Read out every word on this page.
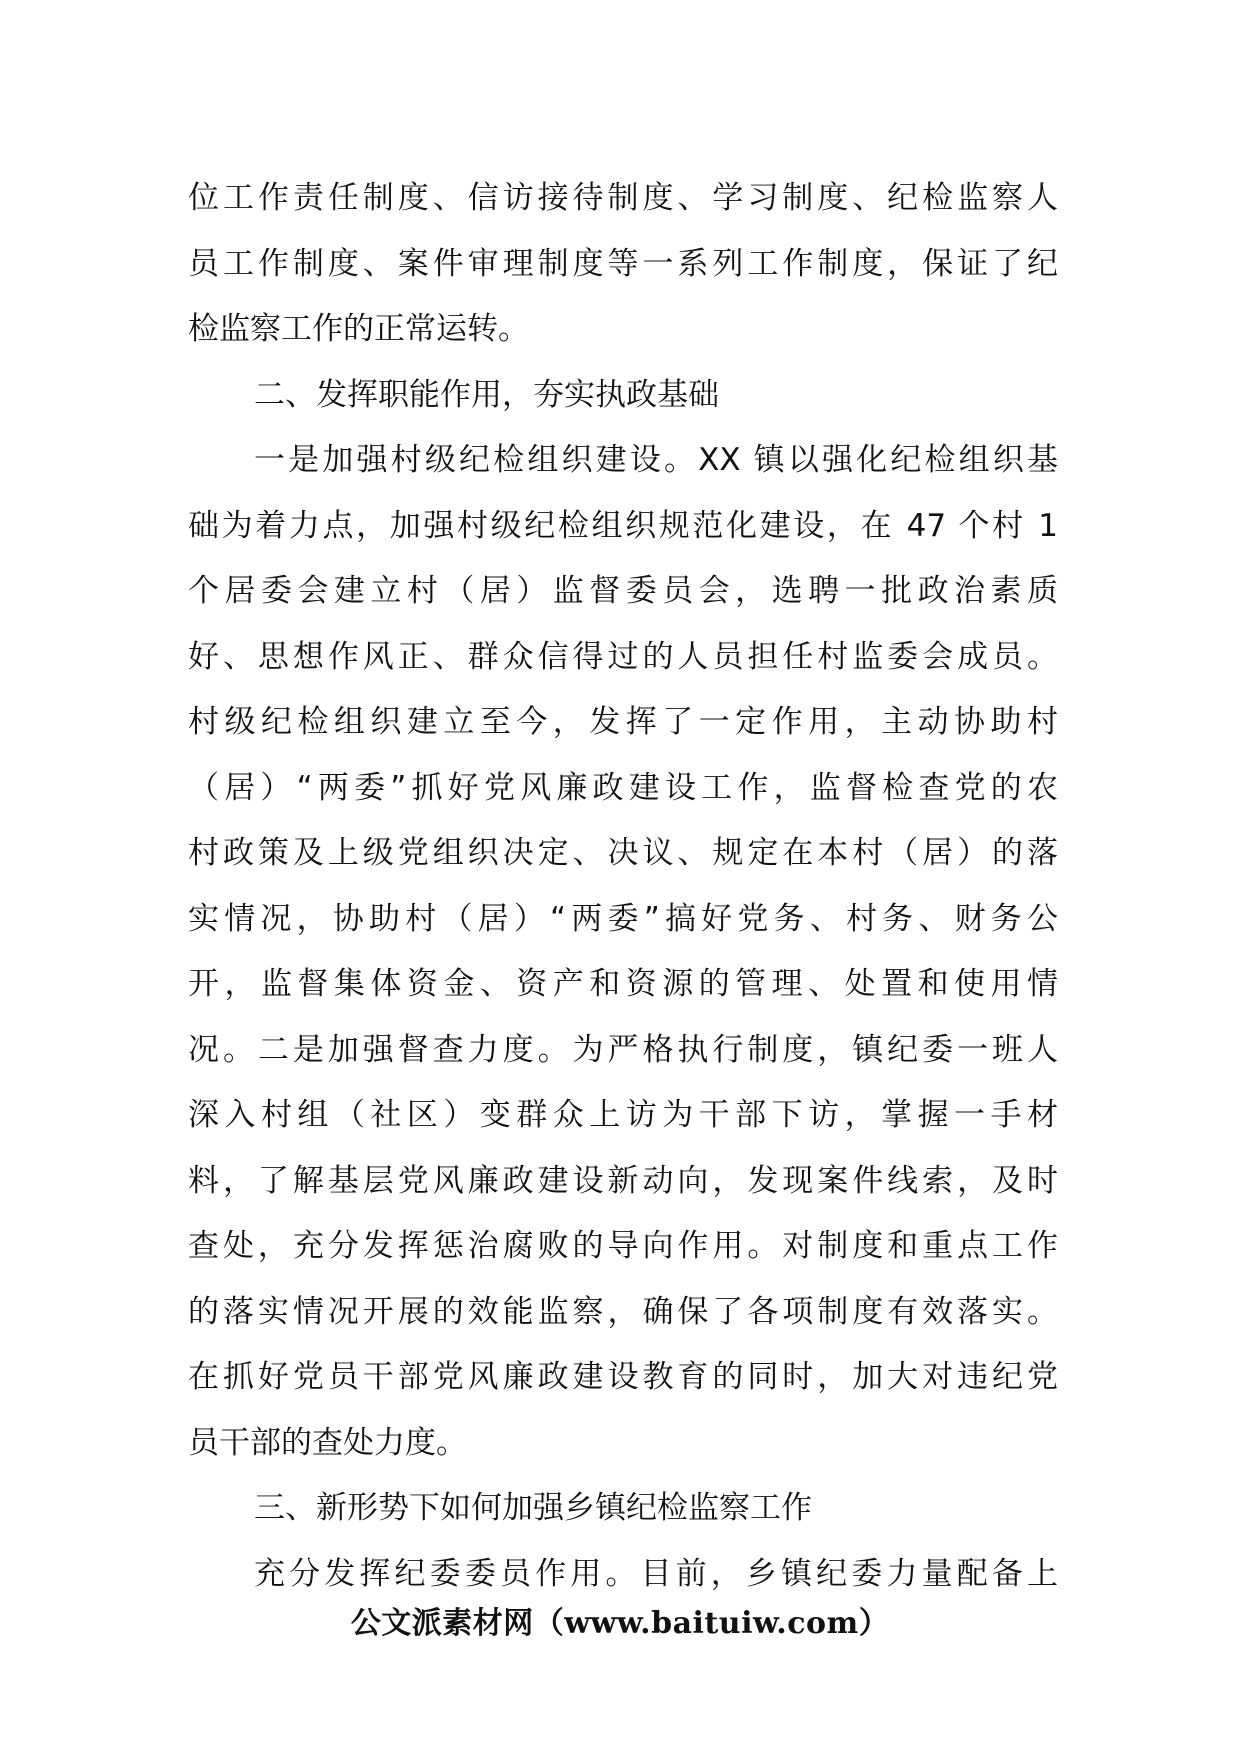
位工作责任制度、信访接待制度、学习制度、纪检监察人
员工作制度、案件审理制度等一系列工作制度，保证了纪
检监察工作的正常运转。
二、发挥职能作用，夯实执政基础
一是加强村级纪检组织建设。XX 镇以强化纪检组织基
础为着力点，加强村级纪检组织规范化建设，在 47 个村 1
个居委会建立村（居）监督委员会，选聘一批政治素质
好、思想作风正、群众信得过的人员担任村监委会成员。
村级纪检组织建立至今，发挥了一定作用，主动协助村
（居）“两委”抓好党风廉政建设工作，监督检查党的农
村政策及上级党组织决定、决议、规定在本村（居）的落
实情况，协助村（居）“两委”搞好党务、村务、财务公
开，监督集体资金、资产和资源的管理、处置和使用情
况。二是加强督查力度。为严格执行制度，镇纪委一班人
深入村组（社区）变群众上访为干部下访，掌握一手材
料，了解基层党风廉政建设新动向，发现案件线索，及时
查处，充分发挥惩治腐败的导向作用。对制度和重点工作
的落实情况开展的效能监察，确保了各项制度有效落实。
在抓好党员干部党风廉政建设教育的同时，加大对违纪党
员干部的查处力度。
三、新形势下如何加强乡镇纪检监察工作
充分发挥纪委委员作用。目前，乡镇纪委力量配备上
公文派素材网（www.baituiw.com）
